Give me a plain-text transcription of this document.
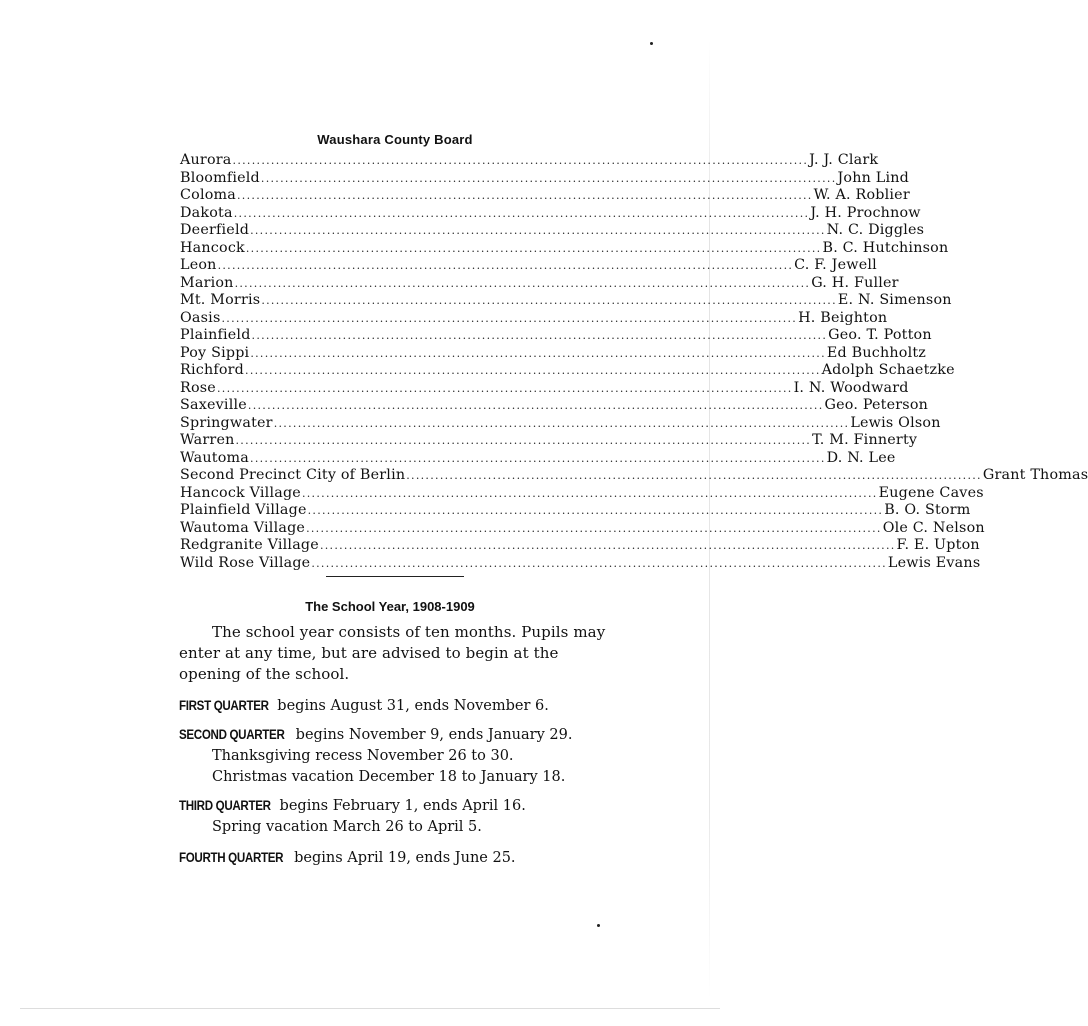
Waushara County Board
Aurora ........................................................................................................................ J. J. Clark
Bloomfield ........................................................................................................................ John Lind
Coloma ........................................................................................................................ W. A. Roblier
Dakota ........................................................................................................................ J. H. Prochnow
Deerfield ........................................................................................................................ N. C. Diggles
Hancock ........................................................................................................................ B. C. Hutchinson
Leon ........................................................................................................................ C. F. Jewell
Marion ........................................................................................................................ G. H. Fuller
Mt. Morris ........................................................................................................................ E. N. Simenson
Oasis ........................................................................................................................ H. Beighton
Plainfield ........................................................................................................................ Geo. T. Potton
Poy Sippi ........................................................................................................................ Ed Buchholtz
Richford ........................................................................................................................ Adolph Schaetzke
Rose ........................................................................................................................ I. N. Woodward
Saxeville ........................................................................................................................ Geo. Peterson
Springwater ........................................................................................................................ Lewis Olson
Warren ........................................................................................................................ T. M. Finnerty
Wautoma ........................................................................................................................ D. N. Lee
Second Precinct City of Berlin ........................................................................................................................ Grant Thomas
Hancock Village ........................................................................................................................ Eugene Caves
Plainfield Village ........................................................................................................................ B. O. Storm
Wautoma Village ........................................................................................................................ Ole C. Nelson
Redgranite Village ........................................................................................................................ F. E. Upton
Wild Rose Village ........................................................................................................................ Lewis Evans
The School Year, 1908-1909
The school year consists of ten months. Pupils may enter at any time, but are advised to begin at the opening of the school.
FIRST QUARTER begins August 31, ends November 6.
SECOND QUARTER begins November 9, ends January 29.
Thanksgiving recess November 26 to 30.
Christmas vacation December 18 to January 18.
THIRD QUARTER begins February 1, ends April 16.
Spring vacation March 26 to April 5.
FOURTH QUARTER begins April 19, ends June 25.
